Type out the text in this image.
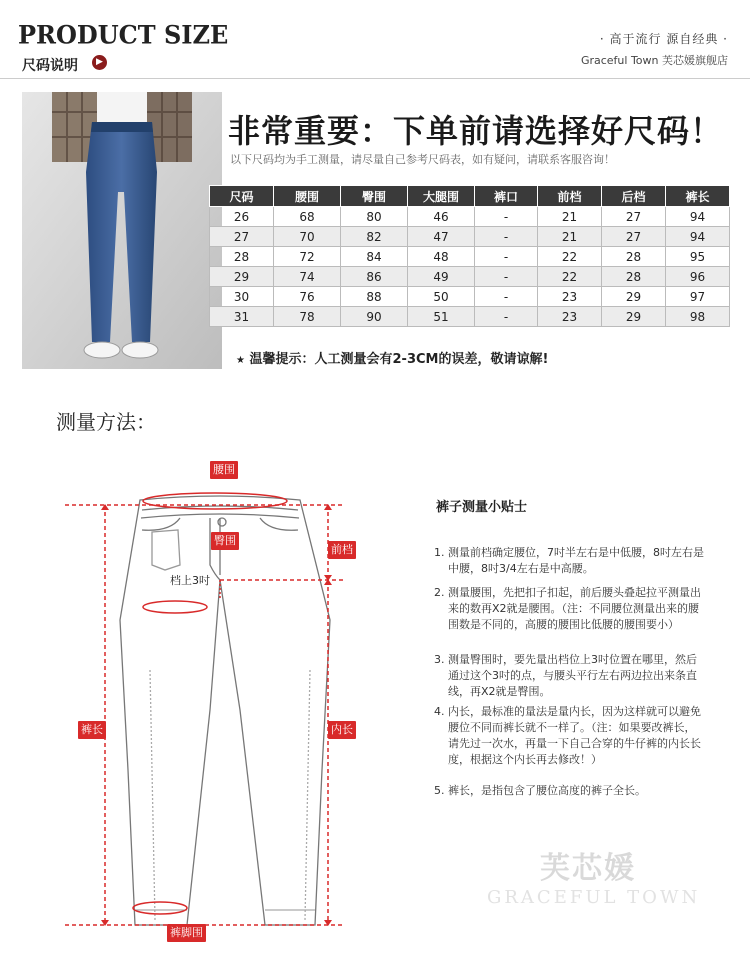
PRODUCT SIZE
尺码说明	▶
· 高于流行 源自经典 ·
Graceful Town 芙芯媛旗舰店
非常重要：下单前请选择好尺码！
以下尺码均为手工测量，请尽量自己参考尺码表，如有疑问，请联系客服咨询！
尺码	腰围	臀围	大腿围	裤口	前档	后档	裤长
26	68	80	46	-	21	27	94
27	70	82	47	-	21	27	94
28	72	84	48	-	22	28	95
29	74	86	49	-	22	28	96
30	76	88	50	-	23	29	97
31	78	90	51	-	23	29	98
★ 温馨提示：人工测量会有2-3CM的误差，敬请谅解!
测量方法：
腰围
臀围
前档
档上3吋
裤长	内长
裤脚围
裤子测量小贴士
1. 测量前档确定腰位，7吋半左右是中低腰，8吋左右是中腰，8吋3/4左右是中高腰。
2. 测量腰围，先把扣子扣起，前后腰头叠起拉平测量出来的数再X2就是腰围。（注：不同腰位测量出来的腰围数是不同的，高腰的腰围比低腰的腰围要小）
3. 测量臀围时，要先量出档位上3吋位置在哪里，然后通过这个3吋的点，与腰头平行左右两边拉出来条直线，再X2就是臀围。
4. 内长，最标准的量法是量内长，因为这样就可以避免腰位不同而裤长就不一样了。（注：如果要改裤长，请先过一次水，再量一下自己合穿的牛仔裤的内长长度，根据这个内长再去修改！）
5. 裤长，是指包含了腰位高度的裤子全长。
芙芯媛
GRACEFUL TOWN
